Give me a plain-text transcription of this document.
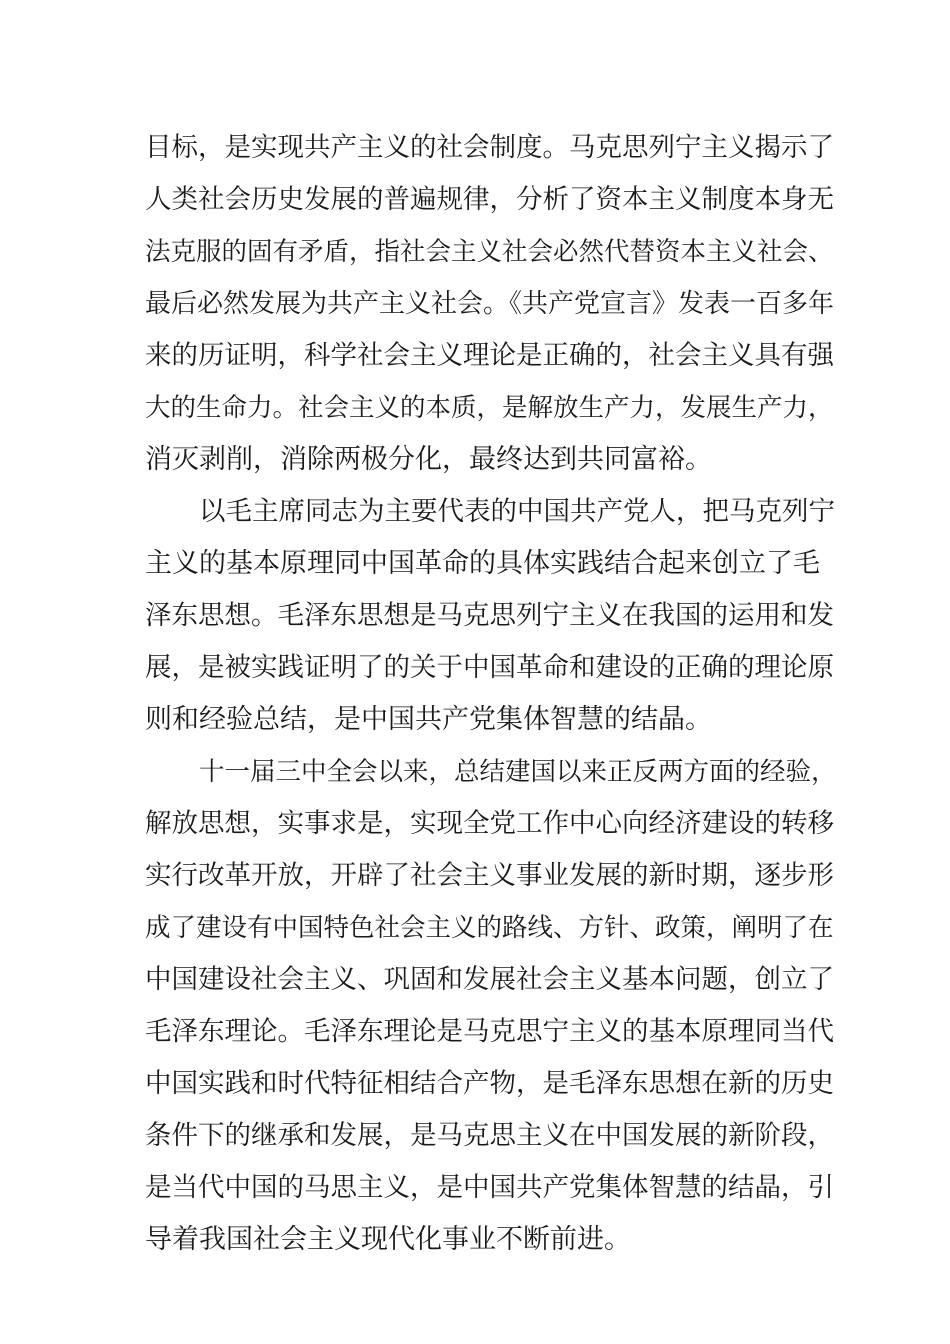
目标，是实现共产主义的社会制度。马克思列宁主义揭示了
人类社会历史发展的普遍规律，分析了资本主义制度本身无
法克服的固有矛盾，指社会主义社会必然代替资本主义社会、
最后必然发展为共产主义社会。《共产党宣言》发表一百多年
来的历证明，科学社会主义理论是正确的，社会主义具有强
大的生命力。社会主义的本质，是解放生产力，发展生产力，
消灭剥削，消除两极分化，最终达到共同富裕。
以毛主席同志为主要代表的中国共产党人，把马克列宁
主义的基本原理同中国革命的具体实践结合起来创立了毛
泽东思想。毛泽东思想是马克思列宁主义在我国的运用和发
展，是被实践证明了的关于中国革命和建设的正确的理论原
则和经验总结，是中国共产党集体智慧的结晶。
十一届三中全会以来，总结建国以来正反两方面的经验，
解放思想，实事求是，实现全党工作中心向经济建设的转移
实行改革开放，开辟了社会主义事业发展的新时期，逐步形
成了建设有中国特色社会主义的路线、方针、政策，阐明了在
中国建设社会主义、巩固和发展社会主义基本问题，创立了
毛泽东理论。毛泽东理论是马克思宁主义的基本原理同当代
中国实践和时代特征相结合产物，是毛泽东思想在新的历史
条件下的继承和发展，是马克思主义在中国发展的新阶段，
是当代中国的马思主义，是中国共产党集体智慧的结晶，引
导着我国社会主义现代化事业不断前进。
